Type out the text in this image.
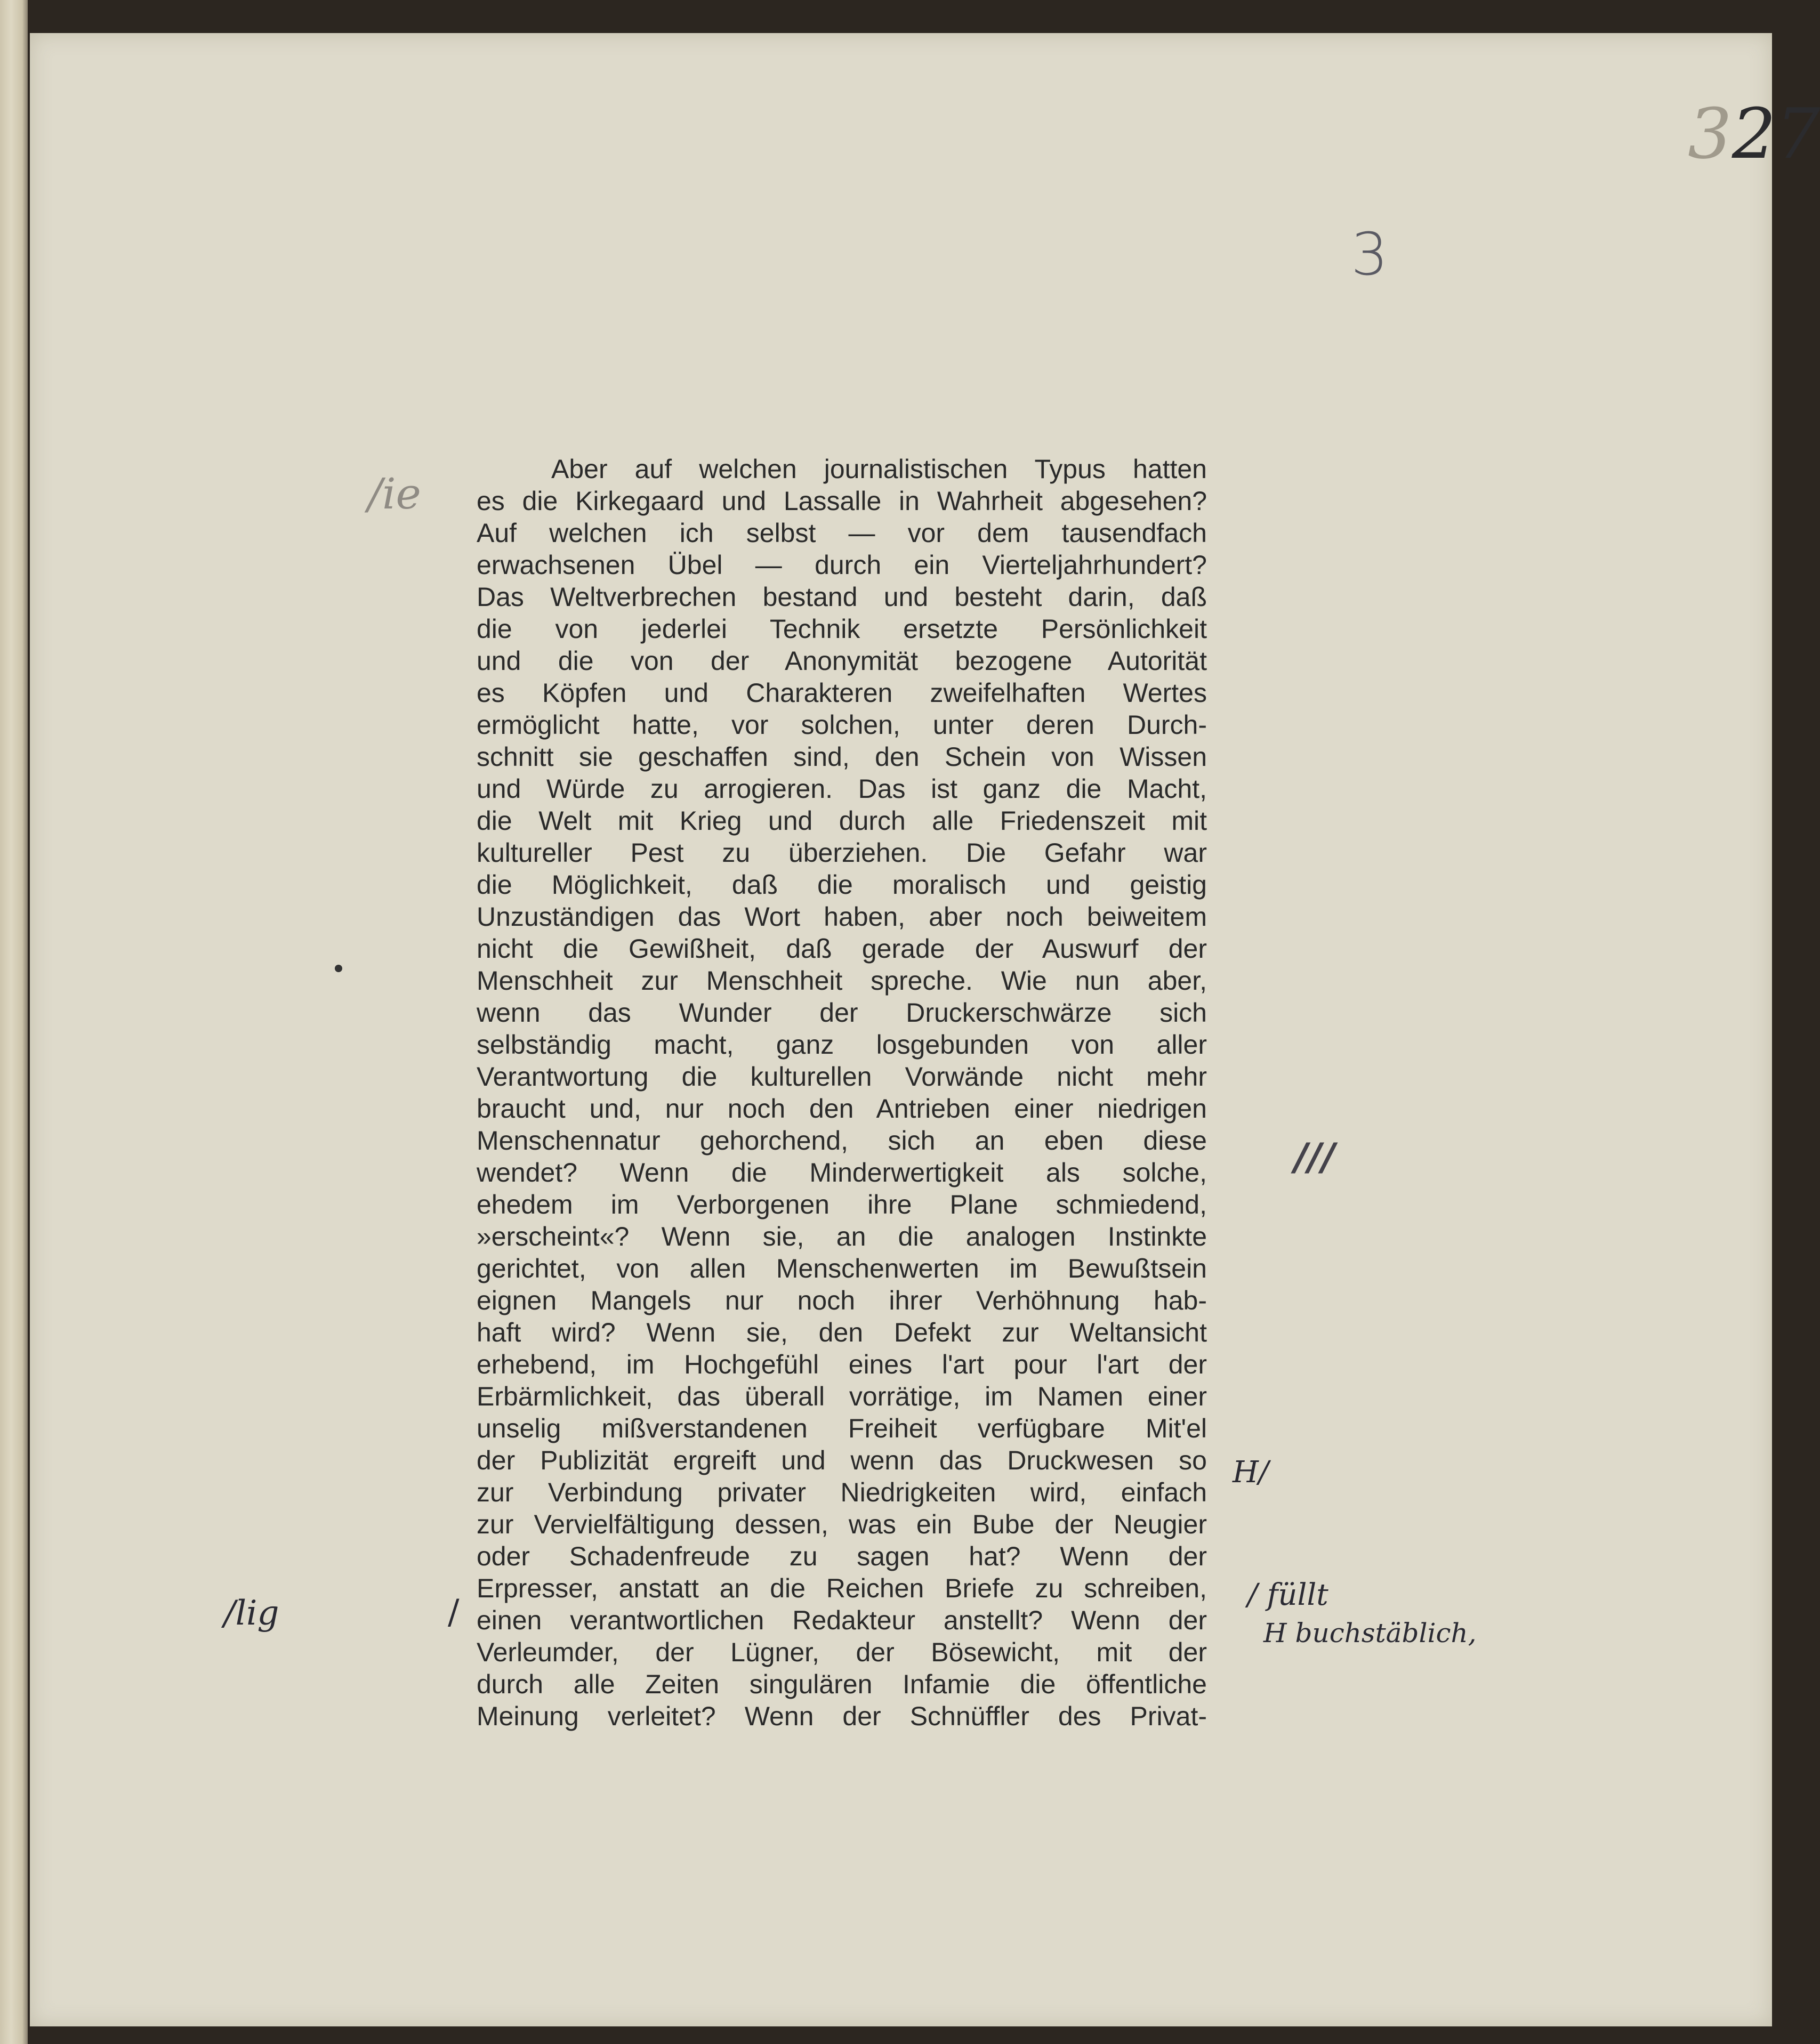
327
3
Aber auf welchen journalistischen Typus hatten
es die Kirkegaard und Lassalle in Wahrheit abgesehen?
Auf welchen ich selbst — vor dem tausendfach
erwachsenen Übel — durch ein Vierteljahrhundert?
Das Weltverbrechen bestand und besteht darin, daß
die von jederlei Technik ersetzte Persönlichkeit
und die von der Anonymität bezogene Autorität
es Köpfen und Charakteren zweifelhaften Wertes
ermöglicht hatte, vor solchen, unter deren Durch-
schnitt sie geschaffen sind, den Schein von Wissen
und Würde zu arrogieren. Das ist ganz die Macht,
die Welt mit Krieg und durch alle Friedenszeit mit
kultureller Pest zu überziehen. Die Gefahr war
die Möglichkeit, daß die moralisch und geistig
Unzuständigen das Wort haben, aber noch beiweitem
nicht die Gewißheit, daß gerade der Auswurf der
Menschheit zur Menschheit spreche. Wie nun aber,
wenn das Wunder der Druckerschwärze sich
selbständig macht, ganz losgebunden von aller
Verantwortung die kulturellen Vorwände nicht mehr
braucht und, nur noch den Antrieben einer niedrigen
Menschennatur gehorchend, sich an eben diese
wendet? Wenn die Minderwertigkeit als solche,
ehedem im Verborgenen ihre Plane schmiedend,
»erscheint«? Wenn sie, an die analogen Instinkte
gerichtet, von allen Menschenwerten im Bewußtsein
eignen Mangels nur noch ihrer Verhöhnung hab-
haft wird? Wenn sie, den Defekt zur Weltansicht
erhebend, im Hochgefühl eines l'art pour l'art der
Erbärmlichkeit, das überall vorrätige, im Namen einer
unselig mißverstandenen Freiheit verfügbare Mit'el
der Publizität ergreift und wenn das Druckwesen so
zur Verbindung privater Niedrigkeiten wird, einfach
zur Vervielfältigung dessen, was ein Bube der Neugier
oder Schadenfreude zu sagen hat? Wenn der
Erpresser, anstatt an die Reichen Briefe zu schreiben,
einen verantwortlichen Redakteur anstellt? Wenn der
Verleumder, der Lügner, der Bösewicht, mit der
durch alle Zeiten singulären Infamie die öffentliche
Meinung verleitet? Wenn der Schnüffler des Privat-
/ie
///
H/
/lig	/	/ füllt
H buchstäblich,
